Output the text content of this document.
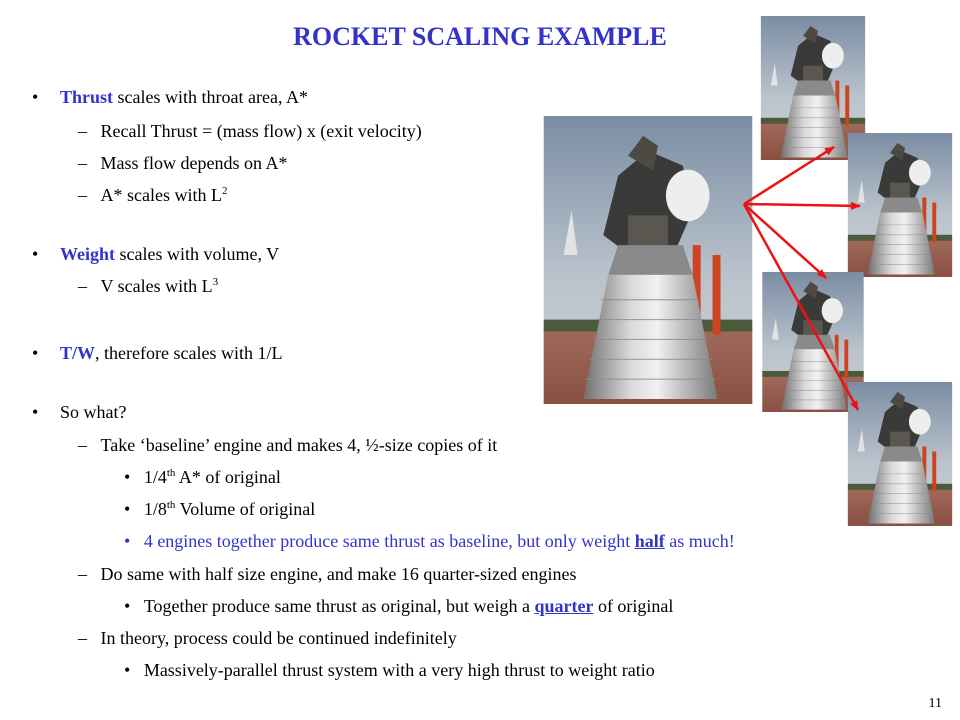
ROCKET SCALING EXAMPLE
• Thrust scales with throat area, A*
– Recall Thrust = (mass flow) x (exit velocity)
– Mass flow depends on A*
– A* scales with $L^2$
• Weight scales with volume, V
– V scales with $L^3$
• T/W, therefore scales with 1/L
• So what?
– Take ‘baseline’ engine and makes 4, ½-size copies of it
• 1/4th A* of original
• 1/8th Volume of original
• 4 engines together produce same thrust as baseline, but only weight half as much!
– Do same with half size engine, and make 16 quarter-sized engines
• Together produce same thrust as original, but weigh a quarter of original
– In theory, process could be continued indefinitely
• Massively-parallel thrust system with a very high thrust to weight ratio
11
